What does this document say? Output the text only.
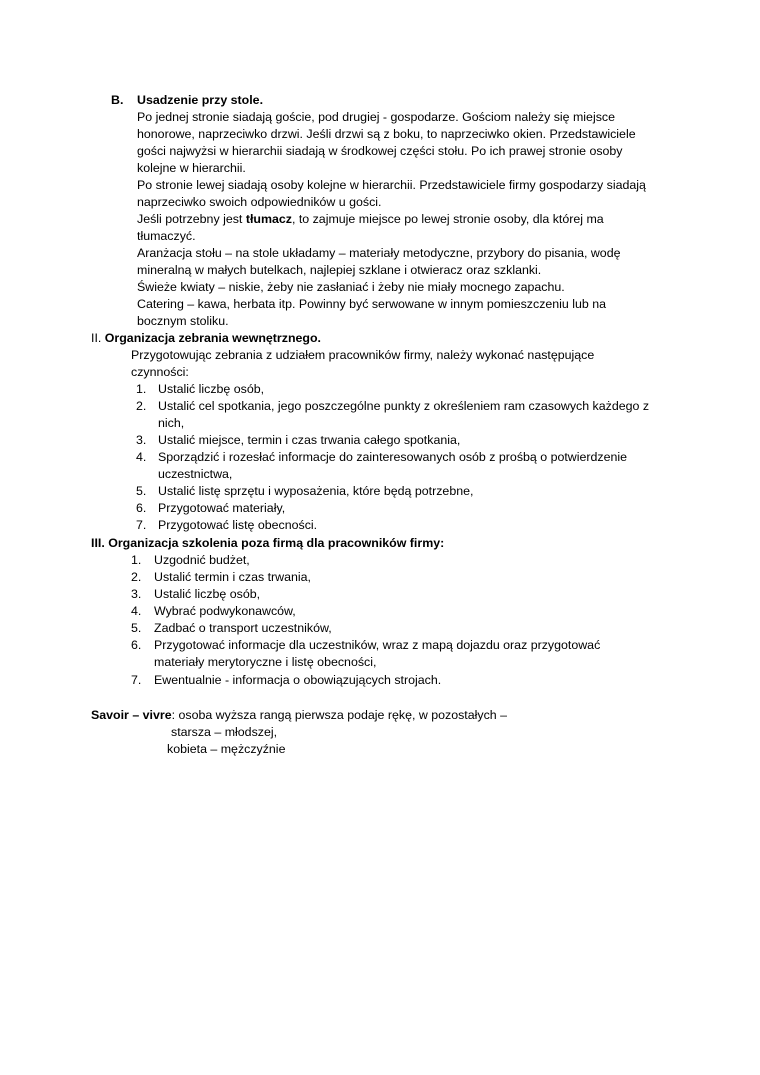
B. Usadzenie przy stole.
Po jednej stronie siadają goście, pod drugiej - gospodarze. Gościom należy się miejsce
honorowe, naprzeciwko drzwi. Jeśli drzwi są z boku, to naprzeciwko okien. Przedstawiciele
gości najwyżsi w hierarchii siadają w środkowej części stołu. Po ich prawej stronie osoby
kolejne w hierarchii.
Po stronie lewej siadają osoby kolejne w hierarchii. Przedstawiciele firmy gospodarzy siadają
naprzeciwko swoich odpowiedników u gości.
Jeśli potrzebny jest tłumacz, to zajmuje miejsce po lewej stronie osoby, dla której ma
tłumaczyć.
Aranżacja stołu – na stole układamy – materiały metodyczne, przybory do pisania, wodę
mineralną w małych butelkach, najlepiej szklane i otwieracz oraz szklanki.
Świeże kwiaty – niskie, żeby nie zasłaniać i żeby nie miały mocnego zapachu.
Catering – kawa, herbata itp. Powinny być serwowane w innym pomieszczeniu lub na
bocznym stoliku.
II. Organizacja zebrania wewnętrznego.
Przygotowując zebrania z udziałem pracowników firmy, należy wykonać następujące
czynności:
1. Ustalić liczbę osób,
2. Ustalić cel spotkania, jego poszczególne punkty z określeniem ram czasowych każdego z
nich,
3. Ustalić miejsce, termin i czas trwania całego spotkania,
4. Sporządzić i rozesłać informacje do zainteresowanych osób z prośbą o potwierdzenie
uczestnictwa,
5. Ustalić listę sprzętu i wyposażenia, które będą potrzebne,
6. Przygotować materiały,
7. Przygotować listę obecności.
III. Organizacja szkolenia poza firmą dla pracowników firmy:
1. Uzgodnić budżet,
2. Ustalić termin i czas trwania,
3. Ustalić liczbę osób,
4. Wybrać podwykonawców,
5. Zadbać o transport uczestników,
6. Przygotować informacje dla uczestników, wraz z mapą dojazdu oraz przygotować
materiały merytoryczne i listę obecności,
7. Ewentualnie - informacja o obowiązujących strojach.
Savoir – vivre: osoba wyższa rangą pierwsza podaje rękę, w pozostałych –
starsza – młodszej,
kobieta – mężczyźnie
